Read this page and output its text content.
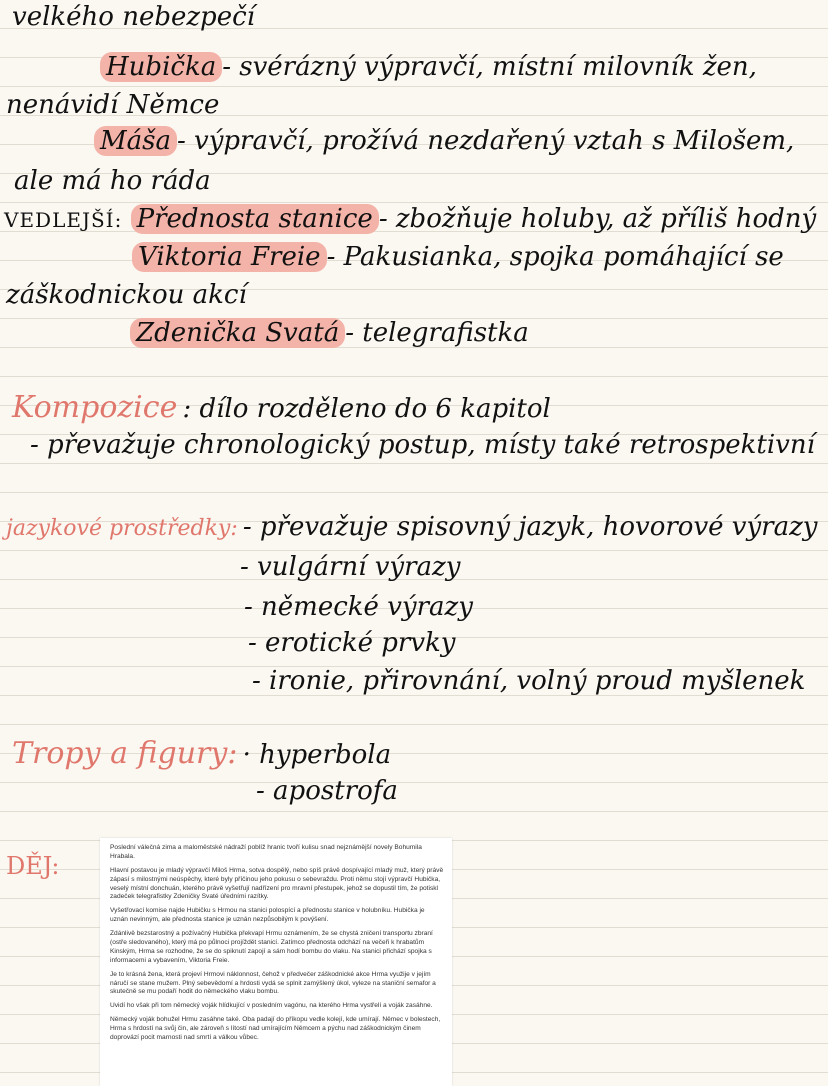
velkého nebezpečí
Hubička - svérázný výpravčí, místní milovník žen,
nenávidí Němce
Máša - výpravčí, prožívá nezdařený vztah s Milošem,
ale má ho ráda
VEDLEJŠÍ: Přednosta stanice - zbožňuje holuby, až příliš hodný
Viktoria Freie - Pakusianka, spojka pomáhající se
záškodnickou akcí
Zdenička Svatá - telegrafistka
Kompozice : dílo rozděleno do 6 kapitol
- převažuje chronologický postup, místy také retrospektivní
jazykové prostředky: - převažuje spisovný jazyk, hovorové výrazy
- vulgární výrazy
- německé výrazy
- erotické prvky
- ironie, přirovnání, volný proud myšlenek
Tropy a figury: · hyperbola
- apostrofa
DĚJ:

Poslední válečná zima a maloměstské nádraží poblíž hranic tvoří kulisu snad nejznámější novely Bohumila Hrabala.

Hlavní postavou je mladý výpravčí Miloš Hrma, sotva dospělý, nebo spíš právě dospívající mladý muž, který právě zápasí s milostnými neúspěchy, které byly příčinou jeho pokusu o sebevraždu. Proti němu stojí výpravčí Hubička, veselý místní donchuán, kterého právě vyšetřují nadřízení pro mravní přestupek, jehož se dopustil tím, že potiskl zadeček telegrafistky Zdeničky Svaté úředními razítky.

Vyšetřovací komise najde Hubičku s Hrmou na stanici polospící a přednostu stanice v holubníku. Hubička je uznán nevinným, ale přednosta stanice je uznán nezpůsobilým k povýšení.

Zdánlivě bezstarostný a požívačný Hubička překvapí Hrmu oznámením, že se chystá zničení transportu zbraní (ostře sledovaného), který má po půlnoci projíždět stanicí. Zatímco přednosta odchází na večeři k hrabatům Kinským, Hrma se rozhodne, že se do spiknutí zapojí a sám hodí bombu do vlaku. Na stanici přichází spojka s informacemi a vybavením, Viktoria Freie.

Je to krásná žena, která projeví Hrmovi náklonnost, čehož v předvečer záškodnické akce Hrma využije v jejím náručí se stane mužem. Plný sebevědomí a hrdosti vydá se splnit zamýšlený úkol, vyleze na staniční semafor a skutečně se mu podaří hodit do německého vlaku bombu.

Uvidí ho však při tom německý voják hlídkující v posledním vagónu, na kterého Hrma vystřelí a voják zasáhne.

Německý voják bohužel Hrmu zasáhne také. Oba padají do příkopu vedle kolejí, kde umírají. Němec v bolestech, Hrma s hrdostí na svůj čin, ale zároveň s lítostí nad umírajícím Němcem a pýchu nad záškodnickým činem doprovází pocit marnosti nad smrtí a válkou vůbec.
